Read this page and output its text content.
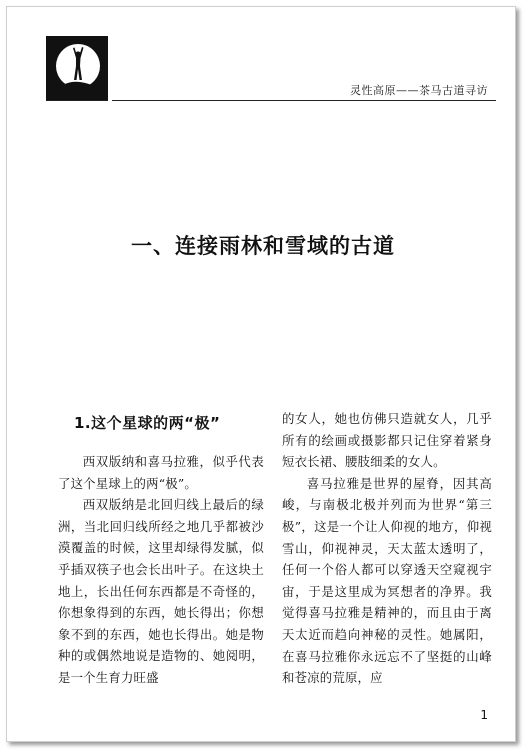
灵性高原——茶马古道寻访
一、连接雨林和雪域的古道
1.这个星球的两“极”

西双版纳和喜马拉雅，似乎代表了这个星球上的两“极”。

西双版纳是北回归线上最后的绿洲，当北回归线所经之地几乎都被沙漠覆盖的时候，这里却绿得发腻，似乎插双筷子也会长出叶子。在这块土地上，长出任何东西都是不奇怪的，你想象得到的东西，她长得出；你想象不到的东西，她也长得出。她是物种的或偶然地说是造物的、她阅明，是一个生育力旺盛

的女人，她也仿佛只造就女人，几乎所有的绘画或摄影都只记住穿着紧身短衣长裙、腰肢细柔的女人。

喜马拉雅是世界的屋脊，因其高峻，与南极北极并列而为世界“第三极”，这是一个让人仰视的地方，仰视雪山，仰视神灵，天太蓝太透明了，任何一个俗人都可以穿透天空窥视宇宙，于是这里成为冥想者的净界。我觉得喜马拉雅是精神的，而且由于离天太近而趋向神秘的灵性。她属阳，在喜马拉雅你永远忘不了坚挺的山峰和苍凉的荒原，应

1
